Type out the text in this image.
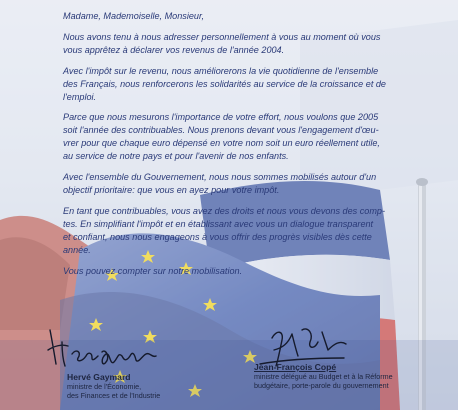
Madame, Mademoiselle, Monsieur,

Nous avons tenu à nous adresser personnellement à vous au moment où vous
vous apprêtez à déclarer vos revenus de l'année 2004.

Avec l'impôt sur le revenu, nous améliorerons la vie quotidienne de l'ensemble
des Français, nous renforcerons les solidarités au service de la croissance et de
l'emploi.

Parce que nous mesurons l'importance de votre effort, nous voulons que 2005
soit l'année des contribuables. Nous prenons devant vous l'engagement d'œu-
vrer pour que chaque euro dépensé en votre nom soit un euro réellement utile,
au service de notre pays et pour l'avenir de nos enfants.

Avec l'ensemble du Gouvernement, nous nous sommes mobilisés autour d'un
objectif prioritaire: que vous en ayez pour votre impôt.

En tant que contribuables, vous avez des droits et nous vous devons des comp-
tes. En simplifiant l'impôt et en établissant avec vous un dialogue transparent
et confiant, nous nous engageons à vous offrir des progrès visibles dès cette
année.

Vous pouvez compter sur notre mobilisation.

Hervé Gaymard
ministre de l'Économie,
des Finances et de l'Industrie
Jean-François Copé
ministre délégué au Budget et à la Réforme
budgétaire, porte-parole du gouvernement
